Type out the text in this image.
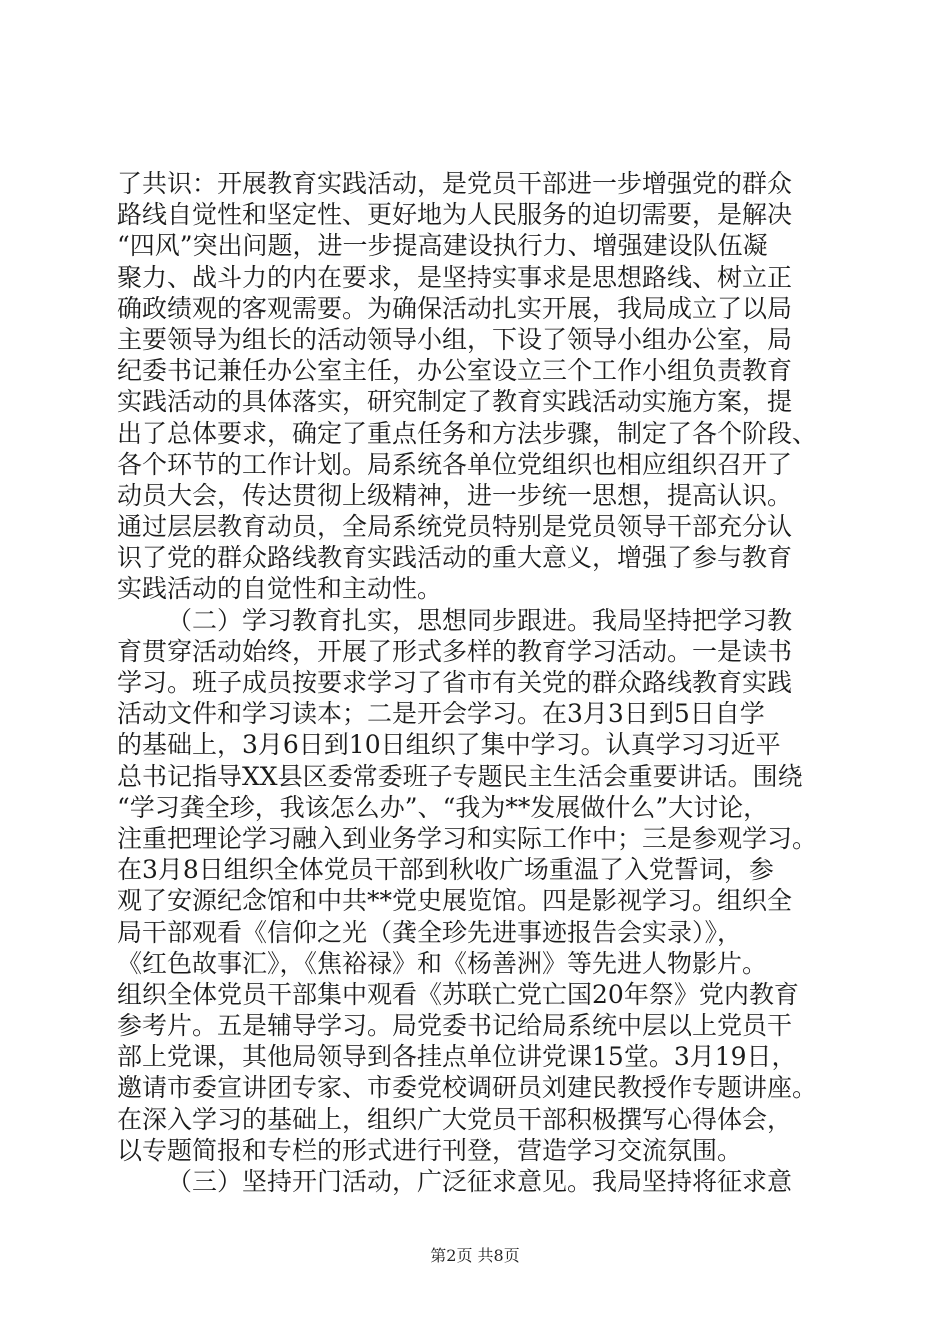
了共识：开展教育实践活动，是党员干部进一步增强党的群众
路线自觉性和坚定性、更好地为人民服务的迫切需要，是解决
“四风”突出问题，进一步提高建设执行力、增强建设队伍凝
聚力、战斗力的内在要求，是坚持实事求是思想路线、树立正
确政绩观的客观需要。为确保活动扎实开展，我局成立了以局
主要领导为组长的活动领导小组，下设了领导小组办公室，局
纪委书记兼任办公室主任，办公室设立三个工作小组负责教育
实践活动的具体落实，研究制定了教育实践活动实施方案，提
出了总体要求，确定了重点任务和方法步骤，制定了各个阶段、
各个环节的工作计划。局系统各单位党组织也相应组织召开了
动员大会，传达贯彻上级精神，进一步统一思想，提高认识。
通过层层教育动员，全局系统党员特别是党员领导干部充分认
识了党的群众路线教育实践活动的重大意义，增强了参与教育
实践活动的自觉性和主动性。
（二）学习教育扎实，思想同步跟进。我局坚持把学习教
育贯穿活动始终，开展了形式多样的教育学习活动。一是读书
学习。班子成员按要求学习了省市有关党的群众路线教育实践
活动文件和学习读本；二是开会学习。在3月3日到5日自学
的基础上，3月6日到10日组织了集中学习。认真学习习近平
总书记指导XX县区委常委班子专题民主生活会重要讲话。围绕
“学习龚全珍，我该怎么办”、“我为**发展做什么”大讨论，
注重把理论学习融入到业务学习和实际工作中；三是参观学习。
在3月8日组织全体党员干部到秋收广场重温了入党誓词，参
观了安源纪念馆和中共**党史展览馆。四是影视学习。组织全
局干部观看《信仰之光（龚全珍先进事迹报告会实录）》，
《红色故事汇》，《焦裕禄》和《杨善洲》等先进人物影片。
组织全体党员干部集中观看《苏联亡党亡国20年祭》党内教育
参考片。五是辅导学习。局党委书记给局系统中层以上党员干
部上党课，其他局领导到各挂点单位讲党课15堂。3月19日，
邀请市委宣讲团专家、市委党校调研员刘建民教授作专题讲座。
在深入学习的基础上，组织广大党员干部积极撰写心得体会，
以专题简报和专栏的形式进行刊登，营造学习交流氛围。
（三）坚持开门活动，广泛征求意见。我局坚持将征求意
第2页 共8页
